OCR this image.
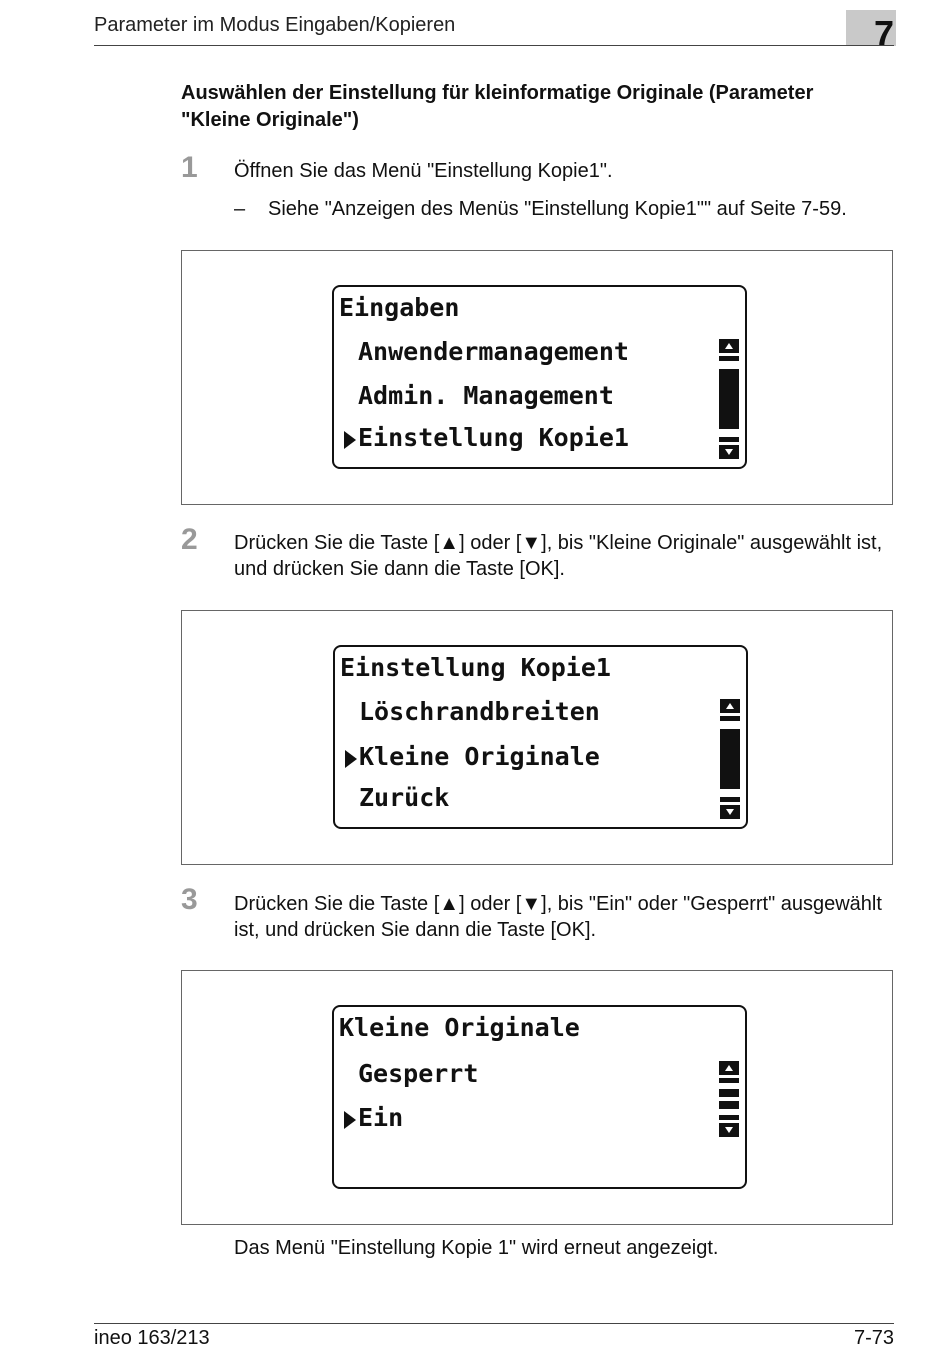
Parameter im Modus Eingaben/Kopieren	7
Auswählen der Einstellung für kleinformatige Originale (Parameter "Kleine Originale")
1 Öffnen Sie das Menü "Einstellung Kopie1".
– Siehe "Anzeigen des Menüs "Einstellung Kopie1"" auf Seite 7-59.
Eingaben
Anwendermanagement
Admin. Management
Einstellung Kopie1
2 Drücken Sie die Taste [▲] oder [▼], bis "Kleine Originale" ausgewählt ist, und drücken Sie dann die Taste [OK].
Einstellung Kopie1
Löschrandbreiten
Kleine Originale
Zurück
3 Drücken Sie die Taste [▲] oder [▼], bis "Ein" oder "Gesperrt" ausgewählt ist, und drücken Sie dann die Taste [OK].
Kleine Originale
Gesperrt
Ein
Das Menü "Einstellung Kopie 1" wird erneut angezeigt.
ineo 163/213	7-73
